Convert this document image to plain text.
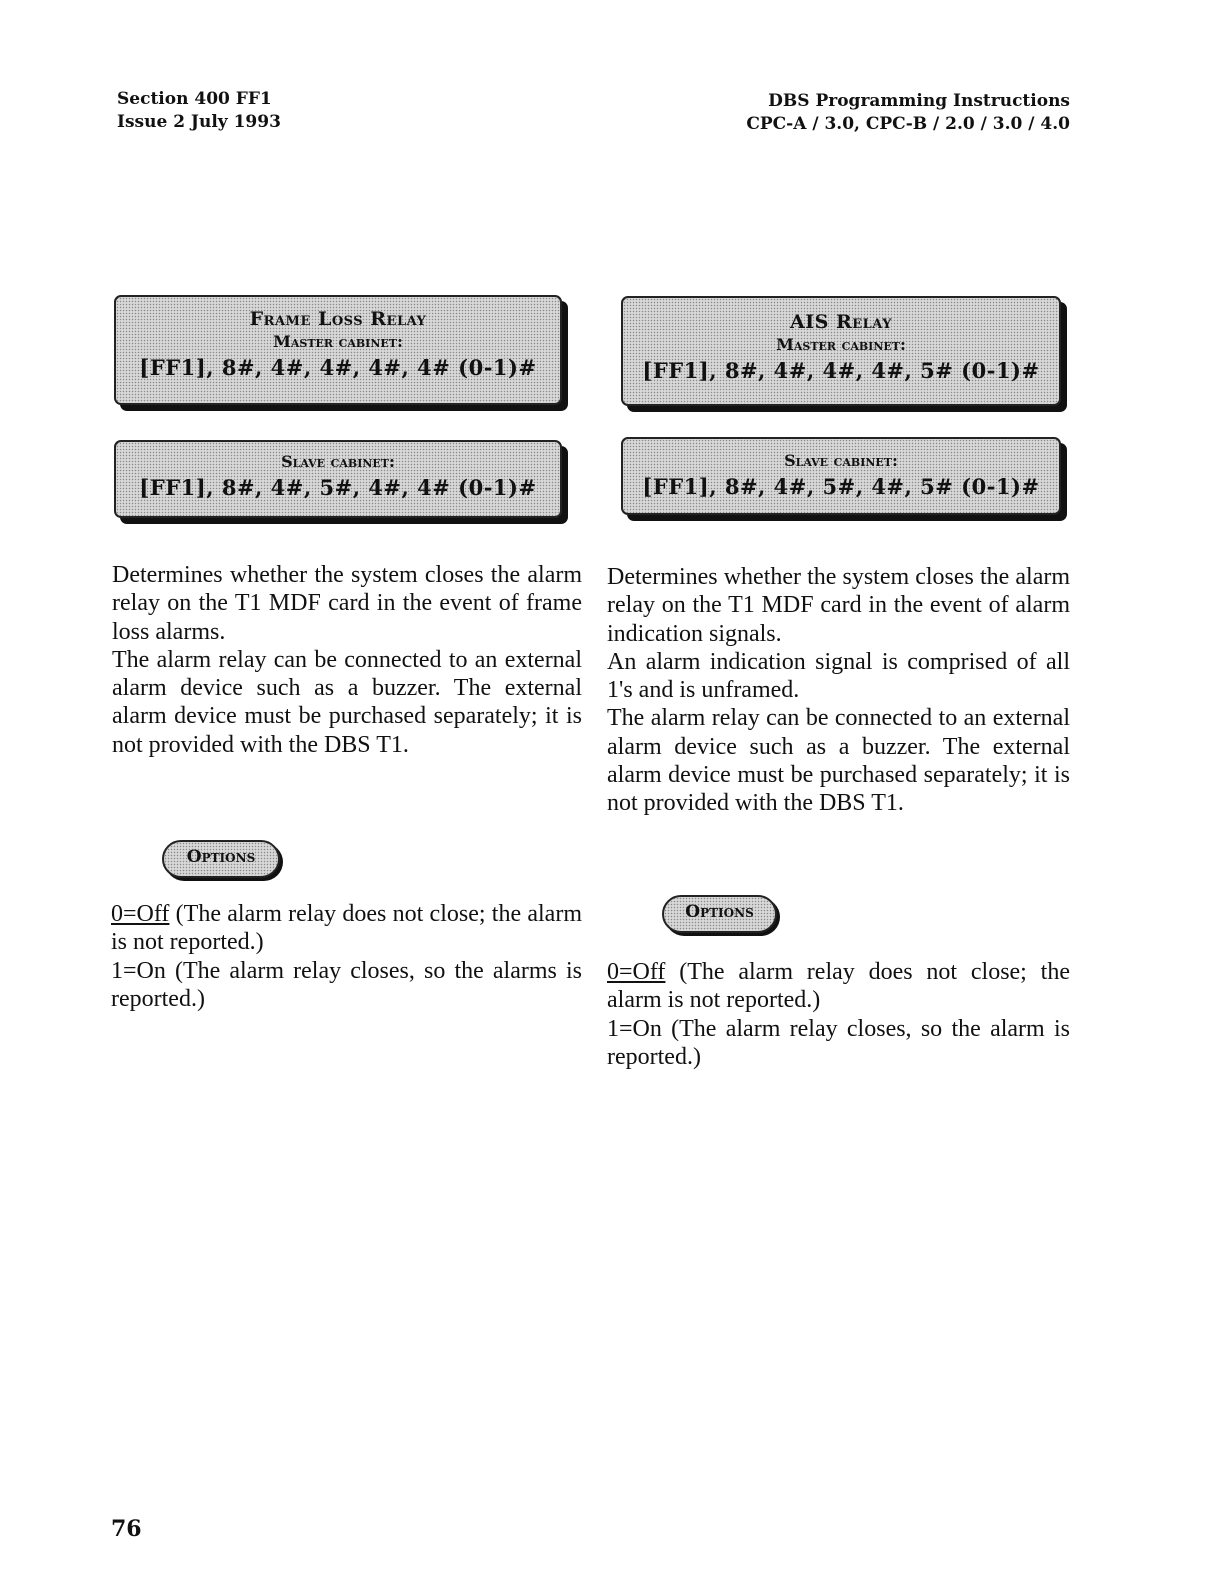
Section 400 FF1
Issue 2 July 1993
DBS Programming Instructions
CPC-A / 3.0, CPC-B / 2.0 / 3.0 / 4.0
Frame Loss Relay
Master cabinet:
[FF1], 8#, 4#, 4#, 4#, 4# (0-1)#
Slave cabinet:
[FF1], 8#, 4#, 5#, 4#, 4# (0-1)#
AIS Relay
Master cabinet:
[FF1], 8#, 4#, 4#, 4#, 5# (0-1)#
Slave cabinet:
[FF1], 8#, 4#, 5#, 4#, 5# (0-1)#

Determines whether the system closes the alarm relay on the T1 MDF card in the event of frame loss alarms.

The alarm relay can be connected to an external alarm device such as a buzzer. The external alarm device must be purchased separately; it is not provided with the DBS T1.

Determines whether the system closes the alarm relay on the T1 MDF card in the event of alarm indication signals.

An alarm indication signal is comprised of all 1's and is unframed.

The alarm relay can be connected to an external alarm device such as a buzzer. The external alarm device must be purchased separately; it is not provided with the DBS T1.

Options
Options

0=Off (The alarm relay does not close; the alarm is not reported.)

1=On (The alarm relay closes, so the alarms is reported.)

0=Off (The alarm relay does not close; the alarm is not reported.)

1=On (The alarm relay closes, so the alarm is reported.)

76
